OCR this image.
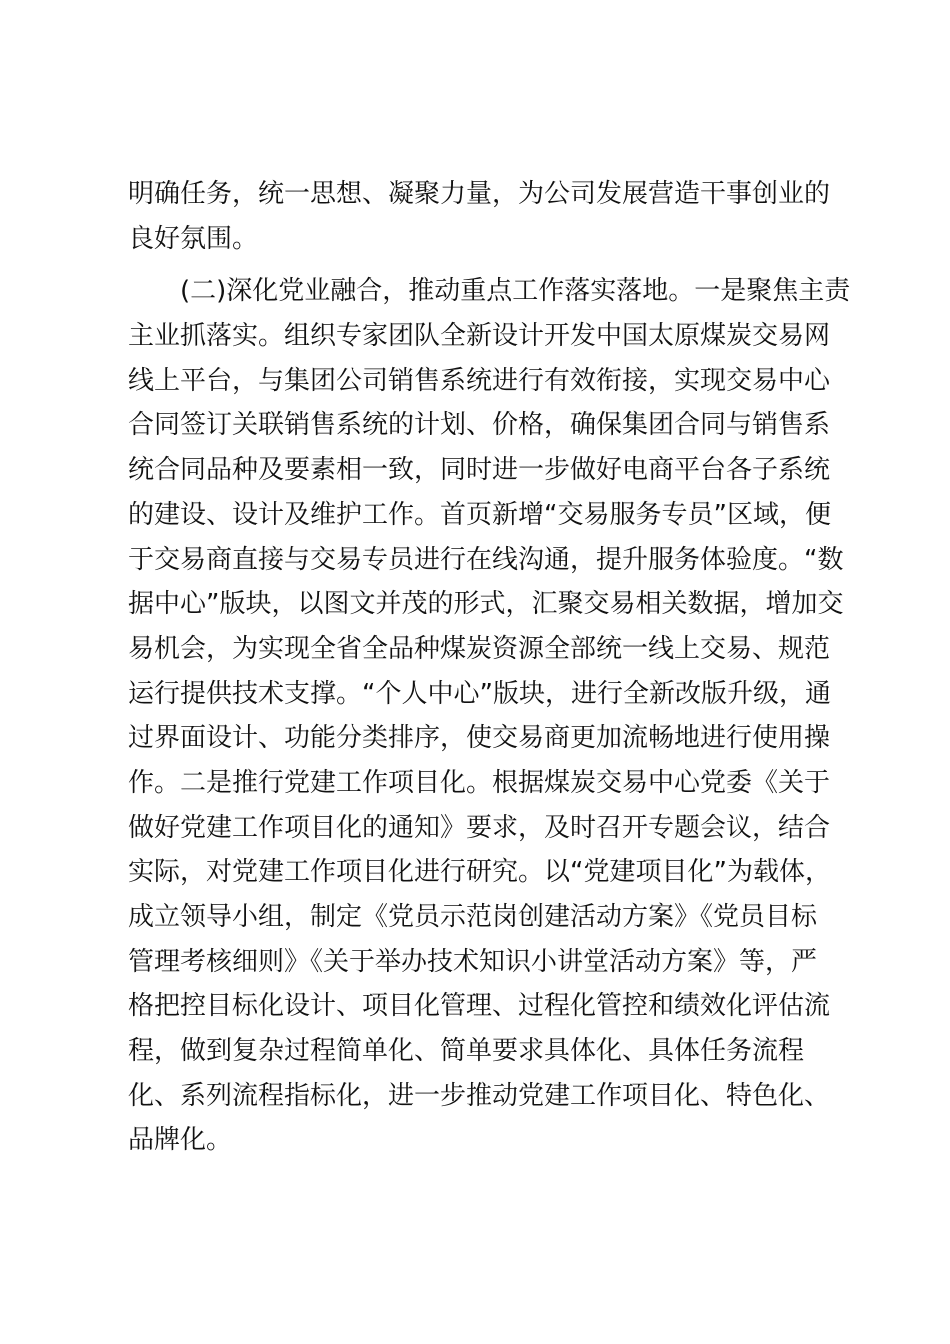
明确任务，统一思想、凝聚力量，为公司发展营造干事创业的
良好氛围。
(二)深化党业融合，推动重点工作落实落地。一是聚焦主责
主业抓落实。组织专家团队全新设计开发中国太原煤炭交易网
线上平台，与集团公司销售系统进行有效衔接，实现交易中心
合同签订关联销售系统的计划、价格，确保集团合同与销售系
统合同品种及要素相一致，同时进一步做好电商平台各子系统
的建设、设计及维护工作。首页新增“交易服务专员”区域，便
于交易商直接与交易专员进行在线沟通，提升服务体验度。“数
据中心”版块，以图文并茂的形式，汇聚交易相关数据，增加交
易机会，为实现全省全品种煤炭资源全部统一线上交易、规范
运行提供技术支撑。“个人中心”版块，进行全新改版升级，通
过界面设计、功能分类排序，使交易商更加流畅地进行使用操
作。二是推行党建工作项目化。根据煤炭交易中心党委《关于
做好党建工作项目化的通知》要求，及时召开专题会议，结合
实际，对党建工作项目化进行研究。以“党建项目化”为载体，
成立领导小组，制定《党员示范岗创建活动方案》《党员目标
管理考核细则》《关于举办技术知识小讲堂活动方案》等，严
格把控目标化设计、项目化管理、过程化管控和绩效化评估流
程，做到复杂过程简单化、简单要求具体化、具体任务流程
化、系列流程指标化，进一步推动党建工作项目化、特色化、
品牌化。
